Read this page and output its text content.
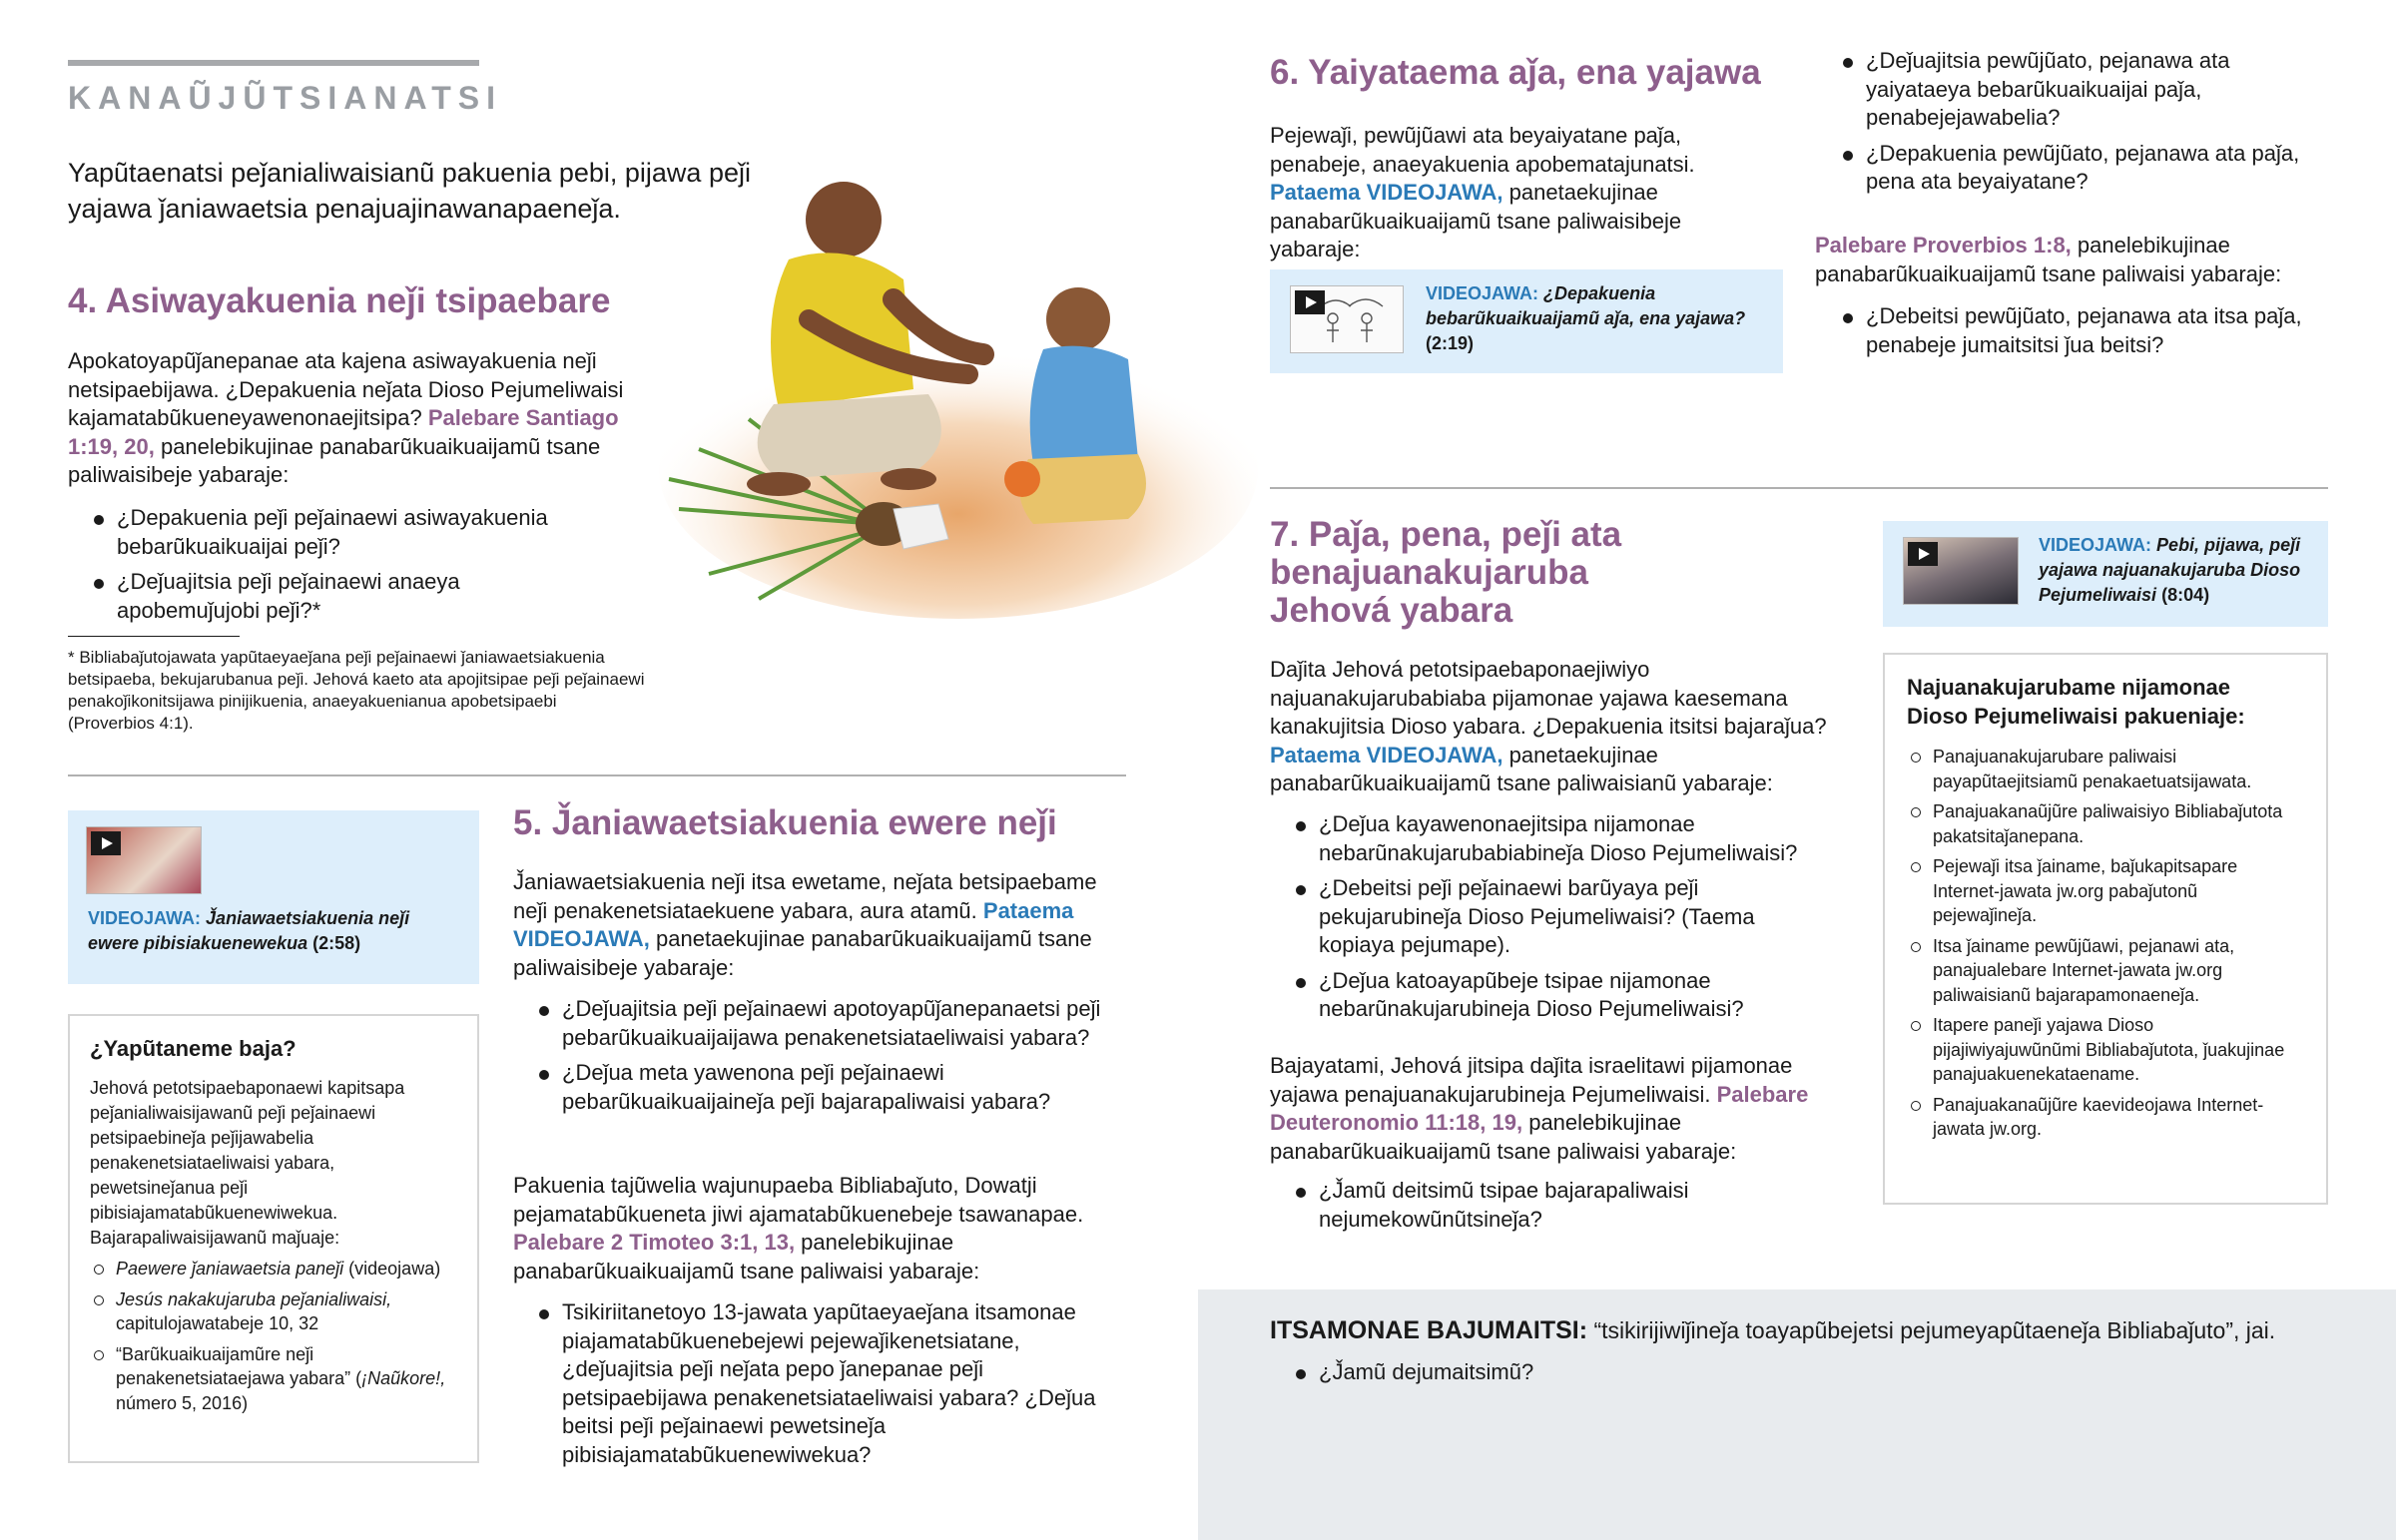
KANAŨJŨTSIANATSI
Yapũtaenatsi peǰanialiwaisianũ pakuenia pebi, pijawa peǰi yajawa ǰaniawaetsia penajuajinawanapaeneǰa.
4. Asiwayakuenia neǰi tsipaebare
Apokatoyapũǰanepanae ata kajena asiwayakuenia neǰi netsipaebijawa. ¿Depakuenia neǰata Dioso Pejumeliwaisi kajamatabũkueneyawenonaejitsipa? Palebare Santiago 1:19, 20, panelebikujinae panabarũkuaikuaijamũ tsane paliwaisibeje yabaraje:
¿Depakuenia peǰi peǰainaewi asiwayakuenia bebarũkuaikuaijai peǰi?
¿Deǰuajitsia peǰi peǰainaewi anaeya apobemuǰujobi peǰi?*
* Bibliabaǰutojawata yapũtaeyaeǰana peǰi peǰainaewi ǰaniawaetsiakuenia betsipaeba, bekujarubanua peǰi. Jehová kaeto ata apojitsipae peǰi peǰainaewi penakoǰikonitsijawa pinijikuenia, anaeyakuenianua apobetsipaebi (Proverbios 4:1).
VIDEOJAWA: J̌aniawaetsiakuenia neǰi ewere pibisiakuenewekua (2:58)
¿Yapũtaneme baja?
Jehová petotsipaebaponaewi kapitsapa peǰanialiwaisijawanũ peǰi peǰainaewi petsipaebineǰa peǰijawabelia penakenetsiataeliwaisi yabara, pewetsineǰanua peǰi pibisiajamatabũkuenewiwekua. Bajarapaliwaisijawanũ maǰuaje:
Paewere ǰaniawaetsia paneǰi (videojawa)
Jesús nakakujaruba peǰanialiwaisi, capitulojawatabeje 10, 32
“Barũkuaikuaijamũre neǰi penakenetsiataejawa yabara” (¡Naũkore!, número 5, 2016)
5. J̌aniawaetsiakuenia ewere neǰi
J̌aniawaetsiakuenia neǰi itsa ewetame, neǰata betsipaebame neǰi penakenetsiataekuene yabara, aura atamũ. Pataema VIDEOJAWA, panetaekujinae panabarũkuaikuaijamũ tsane paliwaisibeje yabaraje:
¿Deǰuajitsia peǰi peǰainaewi apotoyapũǰanepanaetsi peǰi pebarũkuaikuaijaijawa penakenetsiataeliwaisi yabara?
¿Deǰua meta yawenona peǰi peǰainaewi pebarũkuaikuaijaineǰa peǰi bajarapaliwaisi yabara?
Pakuenia tajũwelia wajunupaeba Bibliabaǰuto, Dowatji pejamatabũkueneta jiwi ajamatabũkuenebeje tsawanapae. Palebare 2 Timoteo 3:1, 13, panelebikujinae panabarũkuaikuaijamũ tsane paliwaisi yabaraje:
Tsikiriitanetoyo 13-jawata yapũtaeyaeǰana itsamonae piajamatabũkuenebejewi pejewaǰikenetsiatane, ¿deǰuajitsia peǰi neǰata pepo ǰanepanae peǰi petsipaebijawa penakenetsiataeliwaisi yabara? ¿Deǰua beitsi peǰi peǰainaewi pewetsineǰa pibisiajamatabũkuenewiwekua?
6. Yaiyataema aǰa, ena yajawa
Pejewaǰi, pewũjũawi ata beyaiyatane paǰa, penabeje, anaeyakuenia apobematajunatsi. Pataema VIDEOJAWA, panetaekujinae panabarũkuaikuaijamũ tsane paliwaisibeje yabaraje:
VIDEOJAWA: ¿Depakuenia bebarũkuaikuaijamũ aǰa, ena yajawa? (2:19)
¿Deǰuajitsia pewũjũato, pejanawa ata yaiyataeya bebarũkuaikuaijai paǰa, penabejejawabelia?
¿Depakuenia pewũjũato, pejanawa ata paǰa, pena ata beyaiyatane?
Palebare Proverbios 1:8, panelebikujinae panabarũkuaikuaijamũ tsane paliwaisi yabaraje:
¿Debeitsi pewũjũato, pejanawa ata itsa paǰa, penabeje jumaitsitsi ǰua beitsi?
7. Paǰa, pena, peǰi ata benajuanakujaruba Jehová yabara
VIDEOJAWA: Pebi, pijawa, peǰi yajawa najuanakujaruba Dioso Pejumeliwaisi (8:04)
Daǰita Jehová petotsipaebaponaejiwiyo najuanakujarubabiaba pijamonae yajawa kaesemana kanakujitsia Dioso yabara. ¿Depakuenia itsitsi bajaraǰua? Pataema VIDEOJAWA, panetaekujinae panabarũkuaikuaijamũ tsane paliwaisianũ yabaraje:
¿Deǰua kayawenonaejitsipa nijamonae nebarũnakujarubabiabineǰa Dioso Pejumeliwaisi?
¿Debeitsi peǰi peǰainaewi barũyaya peǰi pekujarubineǰa Dioso Pejumeliwaisi? (Taema kopiaya pejumape).
¿Deǰua katoayapũbeje tsipae nijamonae nebarũnakujarubineja Dioso Pejumeliwaisi?
Bajayatami, Jehová jitsipa daǰita israelitawi pijamonae yajawa penajuanakujarubineja Pejumeliwaisi. Palebare Deuteronomio 11:18, 19, panelebikujinae panabarũkuaikuaijamũ tsane paliwaisi yabaraje:
¿J̌amũ deitsimũ tsipae bajarapaliwaisi nejumekowũnũtsineǰa?
Najuanakujarubame nijamonae Dioso Pejumeliwaisi pakueniaje:
Panajuanakujarubare paliwaisi payapũtaejitsiamũ penakaetuatsijawata.
Panajuakanaũjũre paliwaisiyo Bibliabaǰutota pakatsitaǰanepana.
Pejewaǰi itsa ǰainame, baǰukapitsapare Internet-jawata jw.org pabaǰutonũ pejewaǰineǰa.
Itsa ǰainame pewũjũawi, pejanawi ata, panajualebare Internet-jawata jw.org paliwaisianũ bajarapamonaeneǰa.
Itapere paneǰi yajawa Dioso pijajiwiyajuwũnũmi Bibliabaǰutota, ǰuakujinae panajuakuenekataename.
Panajuakanaũjũre kaevideojawa Internet-jawata jw.org.
ITSAMONAE BAJUMAITSI: “tsikirijiwiǰineǰa toayapũbejetsi pejumeyapũtaeneǰa Bibliabaǰuto”, jai.
¿J̌amũ dejumaitsimũ?
